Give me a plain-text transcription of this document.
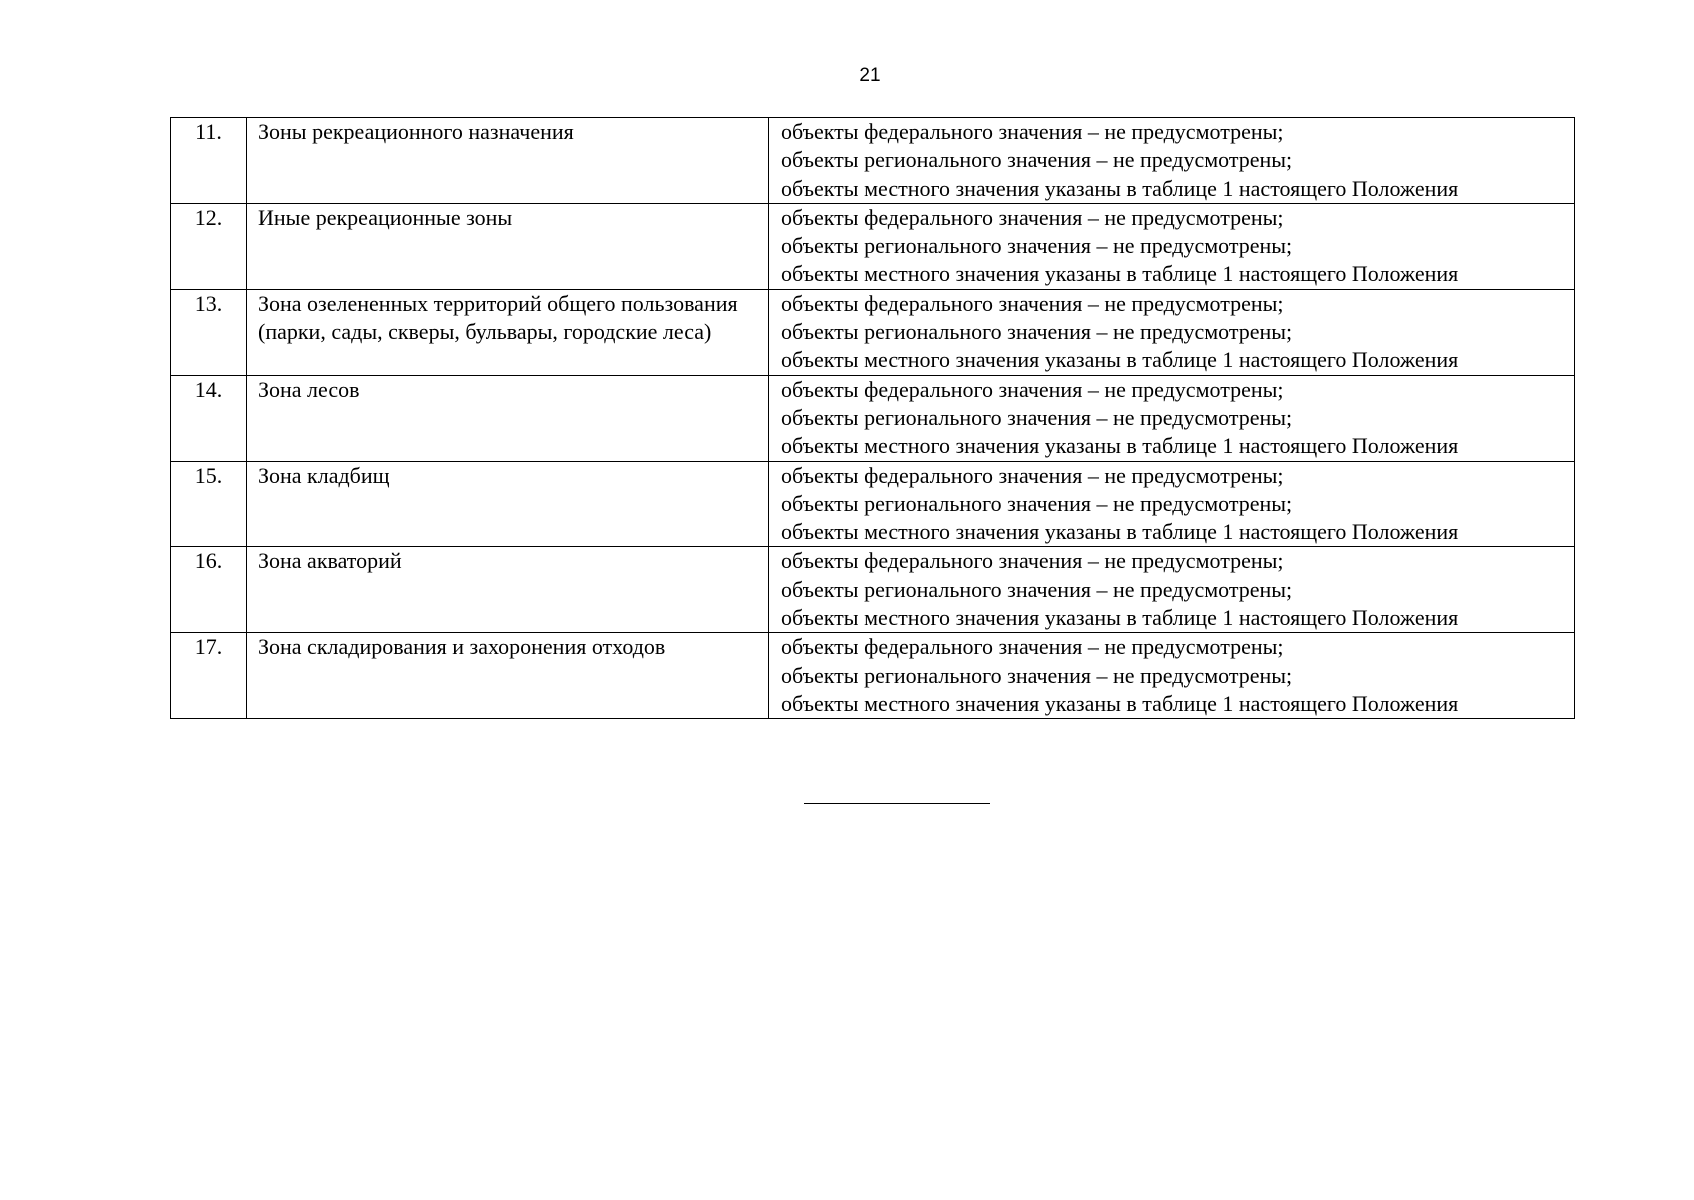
21
11.	Зоны рекреационного назначения	объекты федерального значения – не предусмотрены;
объекты регионального значения – не предусмотрены;
объекты местного значения указаны в таблице 1 настоящего Положения

12.	Иные рекреационные зоны	объекты федерального значения – не предусмотрены;
объекты регионального значения – не предусмотрены;
объекты местного значения указаны в таблице 1 настоящего Положения

13.	Зона озелененных территорий общего пользования (парки, сады, скверы, бульвары, городские леса)	объекты федерального значения – не предусмотрены;
объекты регионального значения – не предусмотрены;
объекты местного значения указаны в таблице 1 настоящего Положения

14.	Зона лесов	объекты федерального значения – не предусмотрены;
объекты регионального значения – не предусмотрены;
объекты местного значения указаны в таблице 1 настоящего Положения

15.	Зона кладбищ	объекты федерального значения – не предусмотрены;
объекты регионального значения – не предусмотрены;
объекты местного значения указаны в таблице 1 настоящего Положения

16.	Зона акваторий	объекты федерального значения – не предусмотрены;
объекты регионального значения – не предусмотрены;
объекты местного значения указаны в таблице 1 настоящего Положения

17.	Зона складирования и захоронения отходов	объекты федерального значения – не предусмотрены;
объекты регионального значения – не предусмотрены;
объекты местного значения указаны в таблице 1 настоящего Положения
